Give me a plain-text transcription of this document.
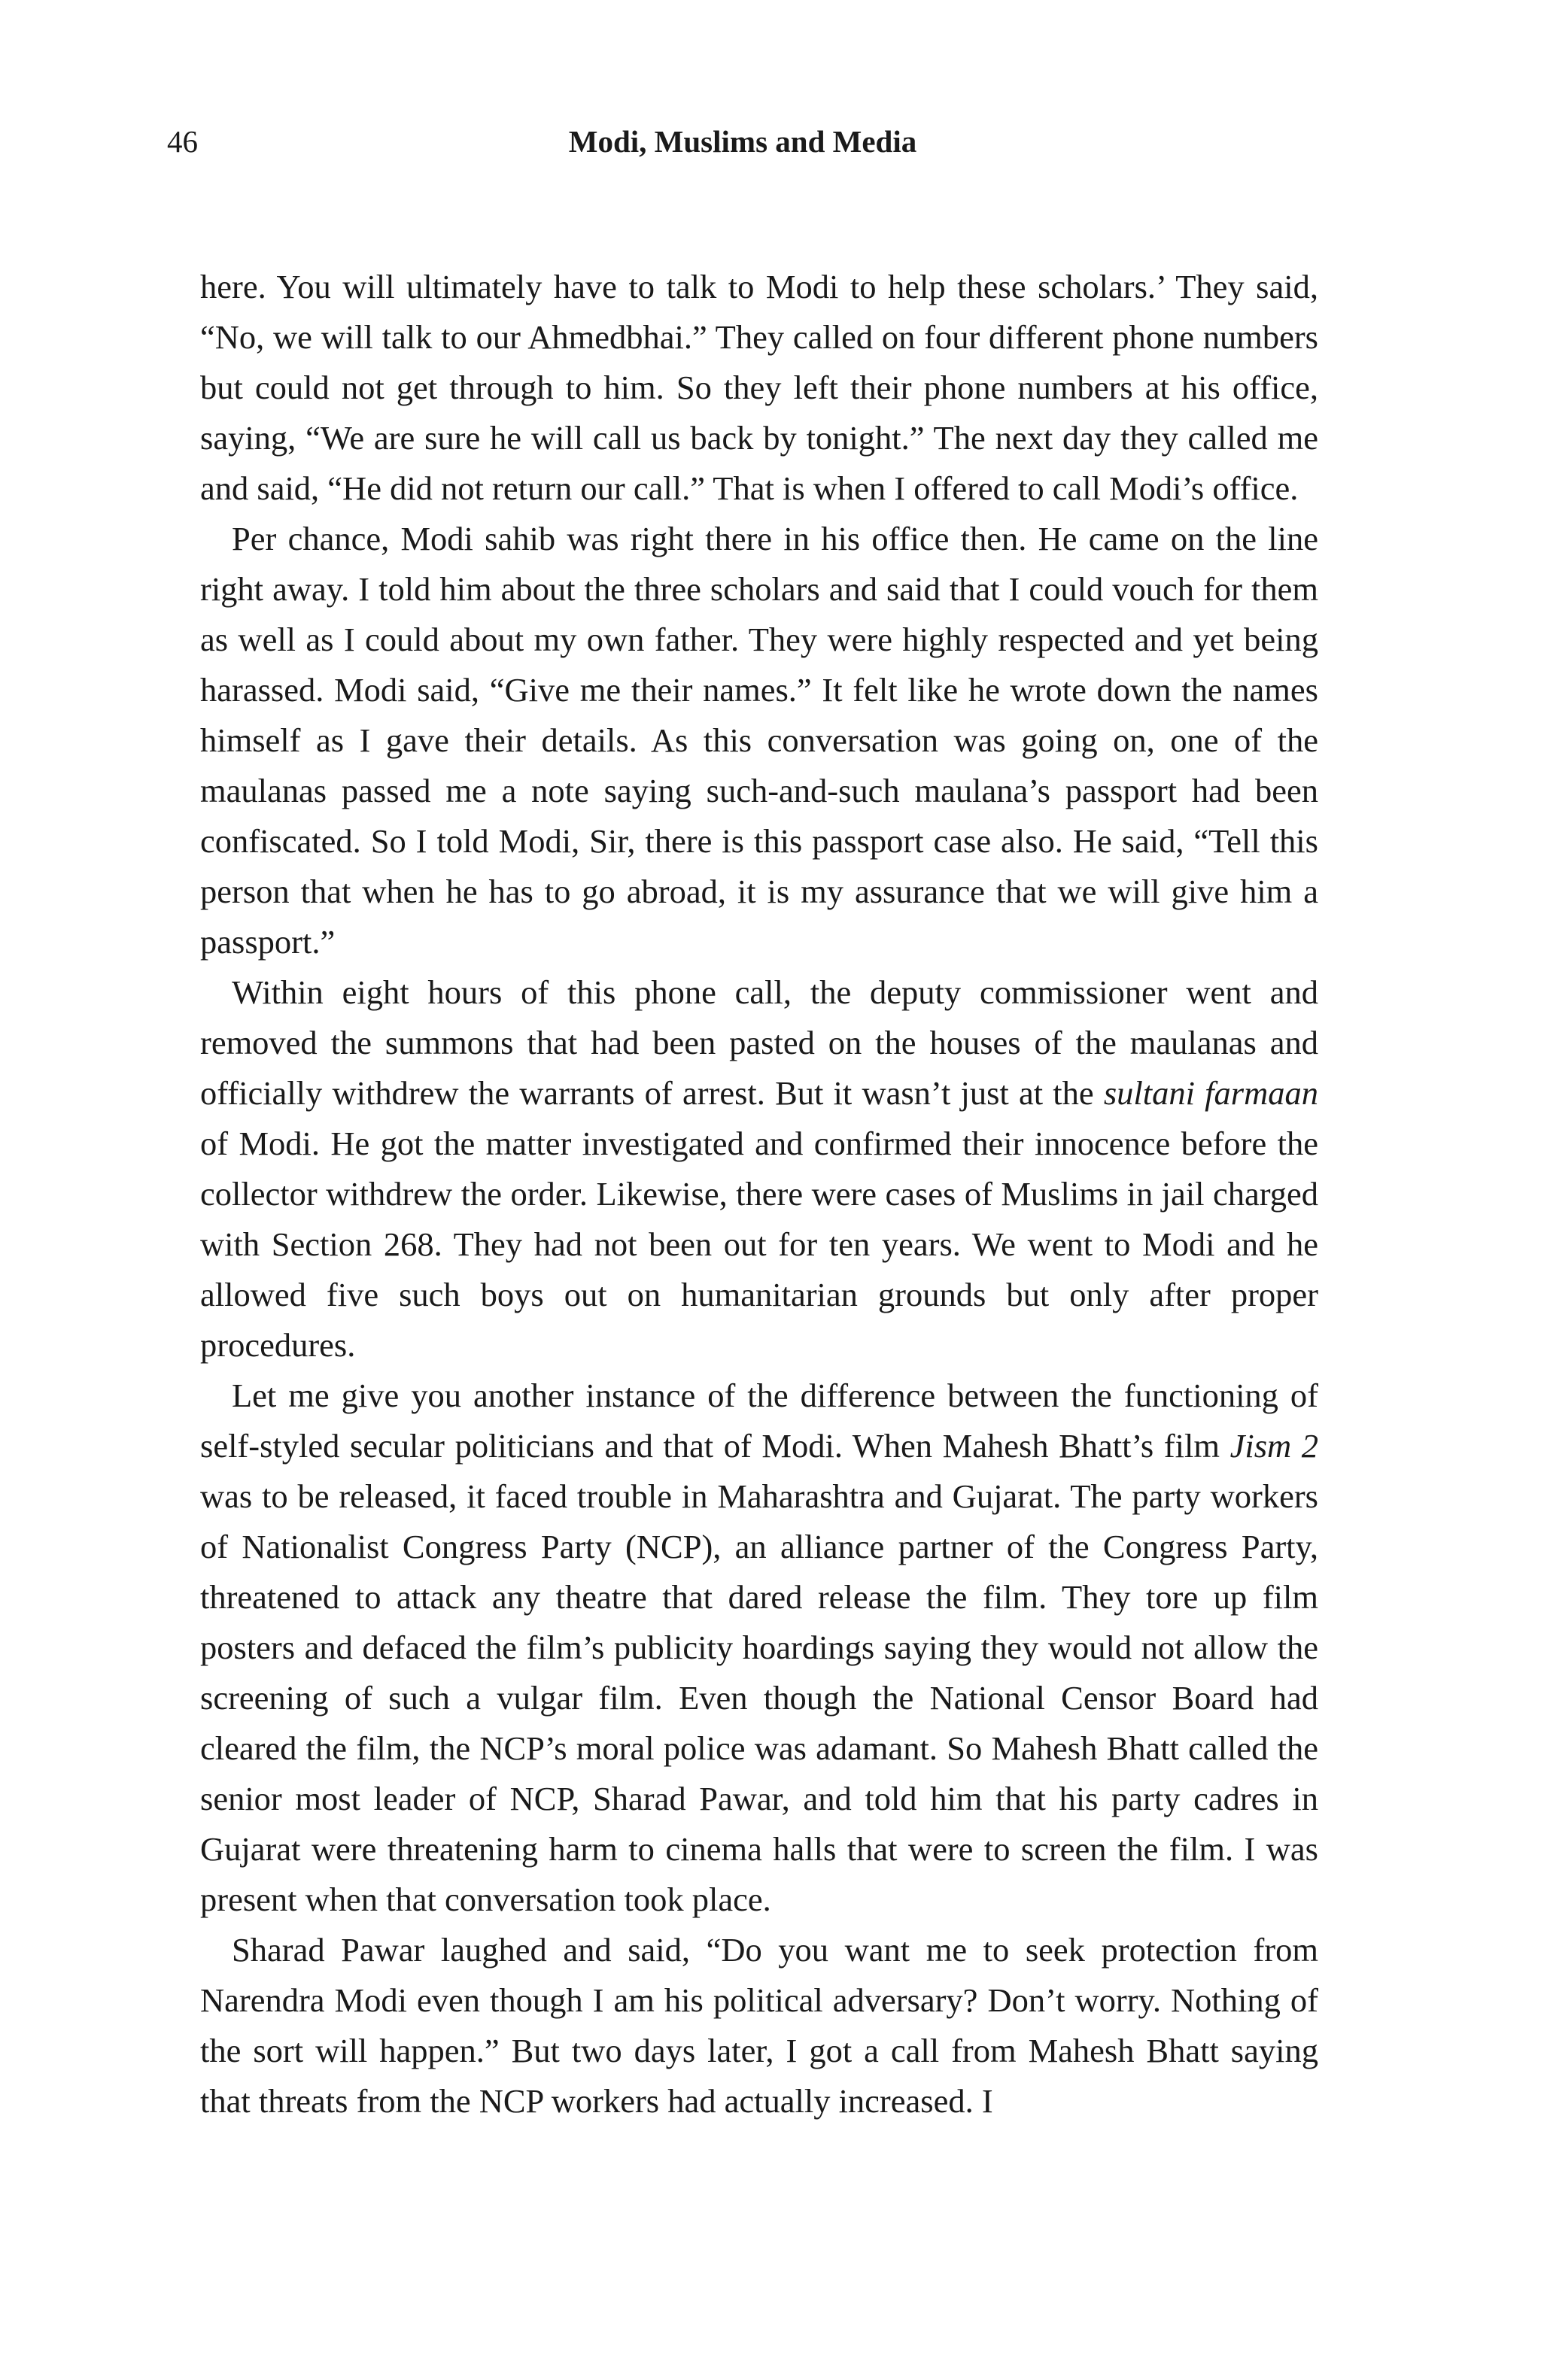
46	Modi, Muslims and Media

here. You will ultimately have to talk to Modi to help these scholars.’ They said, “No, we will talk to our Ahmedbhai.” They called on four different phone numbers but could not get through to him. So they left their phone numbers at his office, saying, “We are sure he will call us back by tonight.” The next day they called me and said, “He did not return our call.” That is when I offered to call Modi’s office.

Per chance, Modi sahib was right there in his office then. He came on the line right away. I told him about the three scholars and said that I could vouch for them as well as I could about my own father. They were highly respected and yet being harassed. Modi said, “Give me their names.” It felt like he wrote down the names himself as I gave their details. As this conversation was going on, one of the maulanas passed me a note saying such-and-such maulana’s passport had been confiscated. So I told Modi, Sir, there is this passport case also. He said, “Tell this person that when he has to go abroad, it is my assurance that we will give him a passport.”

Within eight hours of this phone call, the deputy commissioner went and removed the summons that had been pasted on the houses of the maulanas and officially withdrew the warrants of arrest. But it wasn’t just at the sultani farmaan of Modi. He got the matter investigated and confirmed their innocence before the collector withdrew the order. Likewise, there were cases of Muslims in jail charged with Section 268. They had not been out for ten years. We went to Modi and he allowed five such boys out on humanitarian grounds but only after proper procedures.

Let me give you another instance of the difference between the functioning of self-styled secular politicians and that of Modi. When Mahesh Bhatt’s film Jism 2 was to be released, it faced trouble in Maharashtra and Gujarat. The party workers of Nationalist Congress Party (NCP), an alliance partner of the Congress Party, threatened to attack any theatre that dared release the film. They tore up film posters and defaced the film’s publicity hoardings saying they would not allow the screening of such a vulgar film. Even though the National Censor Board had cleared the film, the NCP’s moral police was adamant. So Mahesh Bhatt called the senior most leader of NCP, Sharad Pawar, and told him that his party cadres in Gujarat were threatening harm to cinema halls that were to screen the film. I was present when that conversation took place.

Sharad Pawar laughed and said, “Do you want me to seek protection from Narendra Modi even though I am his political adversary? Don’t worry. Nothing of the sort will happen.” But two days later, I got a call from Mahesh Bhatt saying that threats from the NCP workers had actually increased. I
